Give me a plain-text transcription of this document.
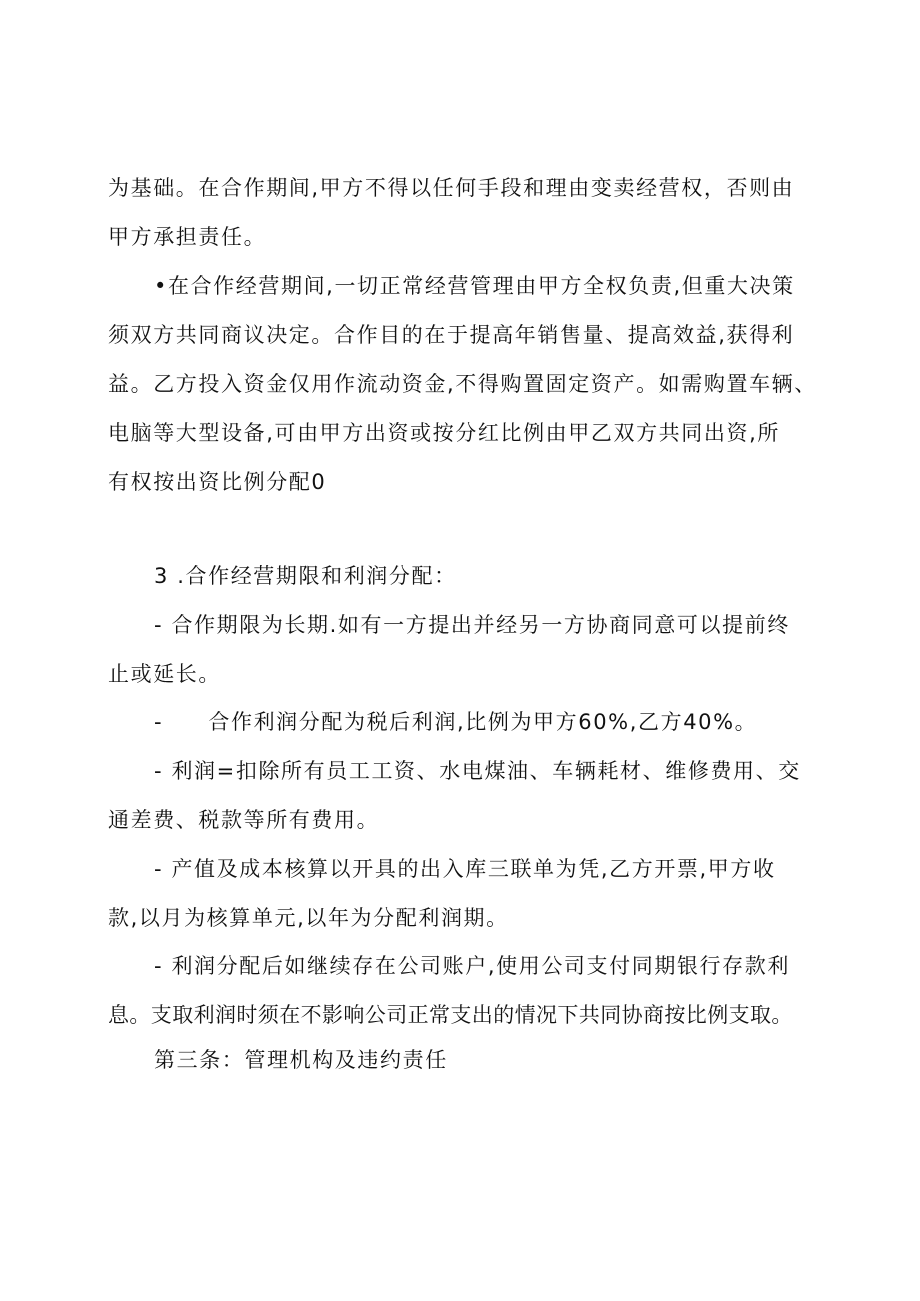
为基础。在合作期间,甲方不得以任何手段和理由变卖经营权，否则由
甲方承担责任。
•在合作经营期间,一切正常经营管理由甲方全权负责,但重大决策
须双方共同商议决定。合作目的在于提高年销售量、提高效益,获得利
益。乙方投入资金仅用作流动资金,不得购置固定资产。如需购置车辆、
电脑等大型设备,可由甲方出资或按分红比例由甲乙双方共同出资,所
有权按出资比例分配0
3 .合作经营期限和利润分配：
- 合作期限为长期.如有一方提出并经另一方协商同意可以提前终
止或延长。
-　　合作利润分配为税后利润,比例为甲方60%,乙方40%。
- 利润=扣除所有员工工资、水电煤油、车辆耗材、维修费用、交
通差费、税款等所有费用。
- 产值及成本核算以开具的出入库三联单为凭,乙方开票,甲方收
款,以月为核算单元,以年为分配利润期。
- 利润分配后如继续存在公司账户,使用公司支付同期银行存款利
息。支取利润时须在不影响公司正常支出的情况下共同协商按比例支取。
第三条：管理机构及违约责任
